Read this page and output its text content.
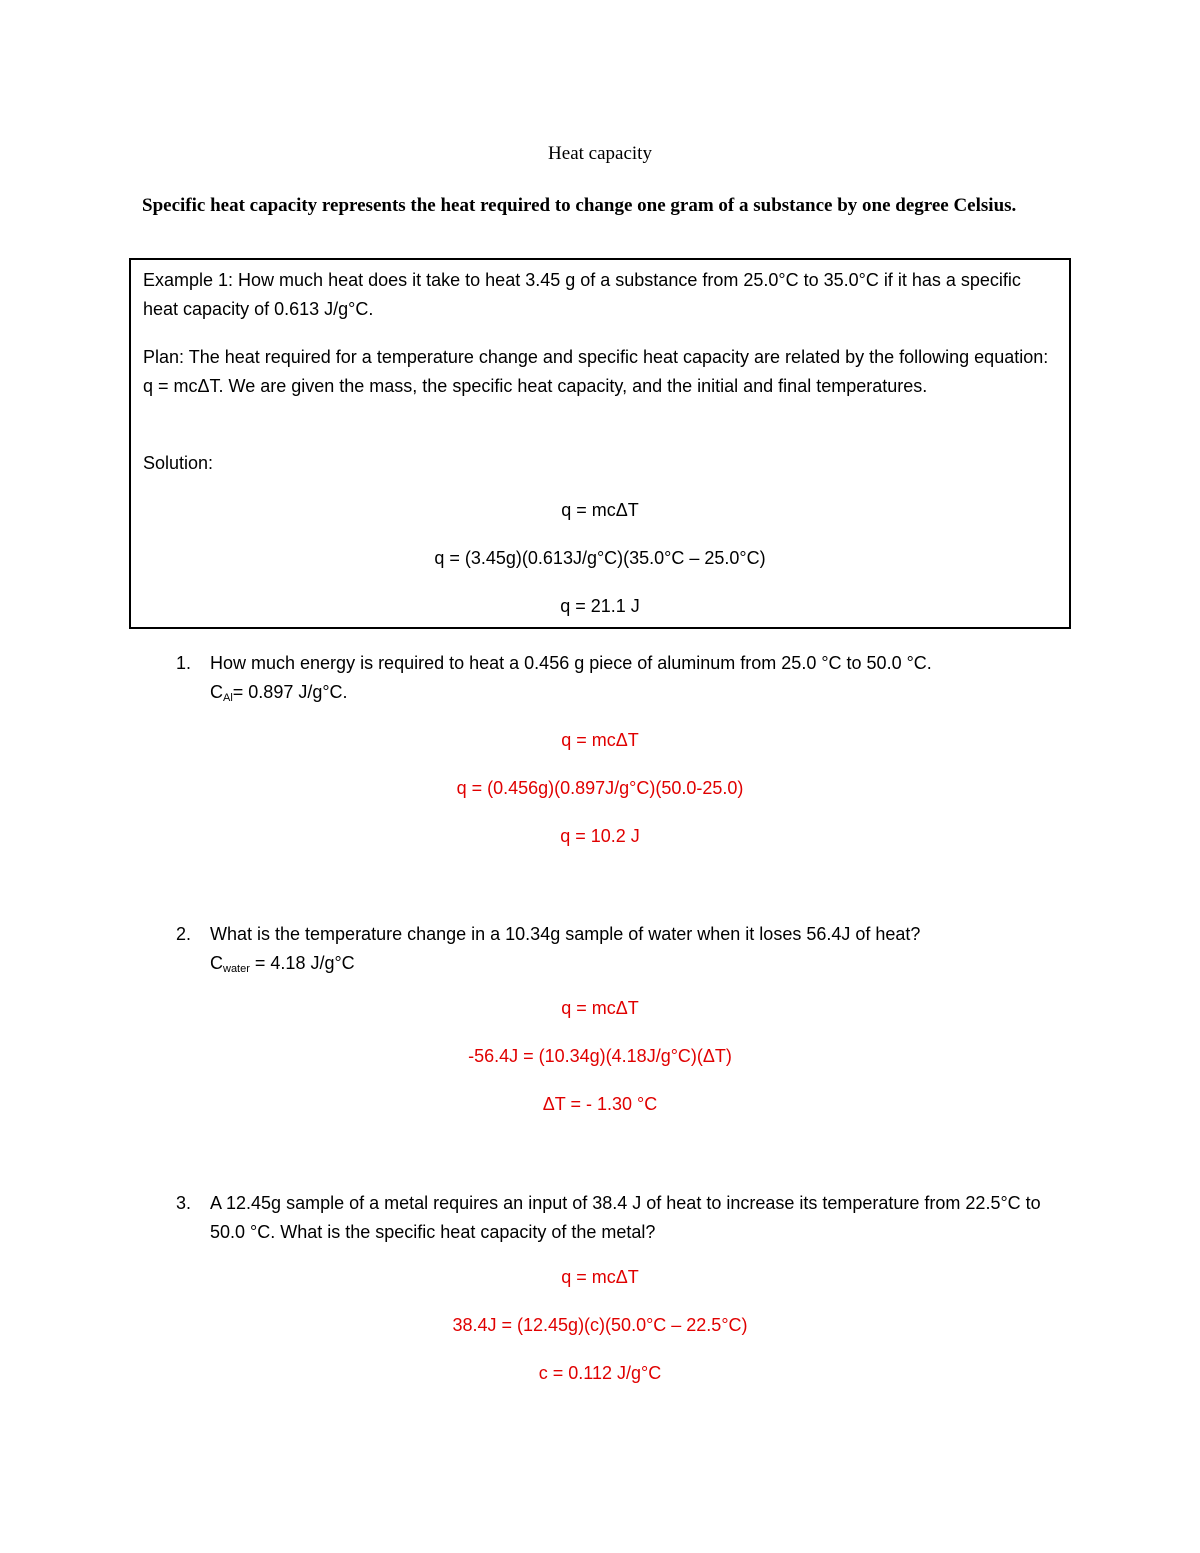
Heat capacity
Specific heat capacity represents the heat required to change one gram of a substance by one degree Celsius.
Example 1: How much heat does it take to heat 3.45 g of a substance from 25.0°C to 35.0°C if it has a specific heat capacity of 0.613 J/g°C.
Plan: The heat required for a temperature change and specific heat capacity are related by the following equation: q = mcΔT. We are given the mass, the specific heat capacity, and the initial and final temperatures.
Solution:
q = mcΔT
q = (3.45g)(0.613J/g°C)(35.0°C – 25.0°C)
q = 21.1 J
1. How much energy is required to heat a 0.456 g piece of aluminum from 25.0 °C to 50.0 °C.
$C_{Al}= 0.897$ J/g°C.
q = mcΔT
q = (0.456g)(0.897J/g°C)(50.0-25.0)
q = 10.2 J
2. What is the temperature change in a 10.34g sample of water when it loses 56.4J of heat?
$C_{water} = 4.18$ J/g°C
q = mcΔT
-56.4J = (10.34g)(4.18J/g°C)(ΔT)
ΔT = - 1.30 °C
3. A 12.45g sample of a metal requires an input of 38.4 J of heat to increase its temperature from 22.5°C to 50.0 °C. What is the specific heat capacity of the metal?
q = mcΔT
38.4J = (12.45g)(c)(50.0°C – 22.5°C)
c = 0.112 J/g°C
